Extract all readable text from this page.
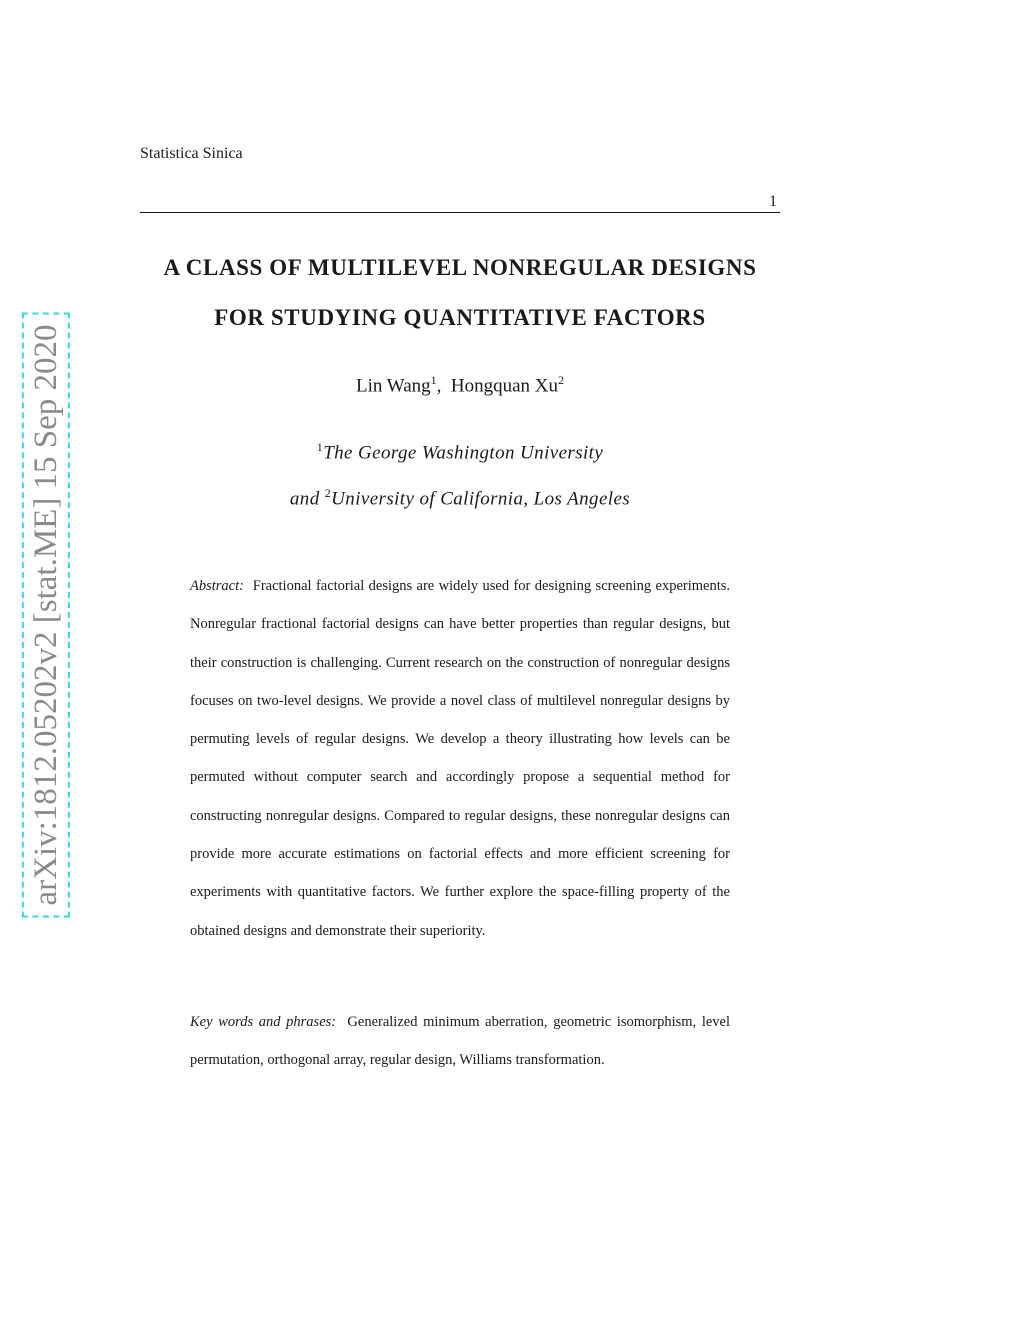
Statistica Sinica
1
A CLASS OF MULTILEVEL NONREGULAR DESIGNS
FOR STUDYING QUANTITATIVE FACTORS
Lin Wang$^1$,  Hongquan Xu$^2$
$^1$The George Washington University
and $^2$University of California, Los Angeles

Abstract: Fractional factorial designs are widely used for designing screening experiments. Nonregular fractional factorial designs can have better properties than regular designs, but their construction is challenging. Current research on the construction of nonregular designs focuses on two-level designs. We provide a novel class of multilevel nonregular designs by permuting levels of regular designs. We develop a theory illustrating how levels can be permuted without computer search and accordingly propose a sequential method for constructing nonregular designs. Compared to regular designs, these nonregular designs can provide more accurate estimations on factorial effects and more efficient screening for experiments with quantitative factors. We further explore the space-filling property of the obtained designs and demonstrate their superiority.

Key words and phrases: Generalized minimum aberration, geometric isomorphism, level permutation, orthogonal array, regular design, Williams transformation.

arXiv:1812.05202v2 [stat.ME] 15 Sep 2020
